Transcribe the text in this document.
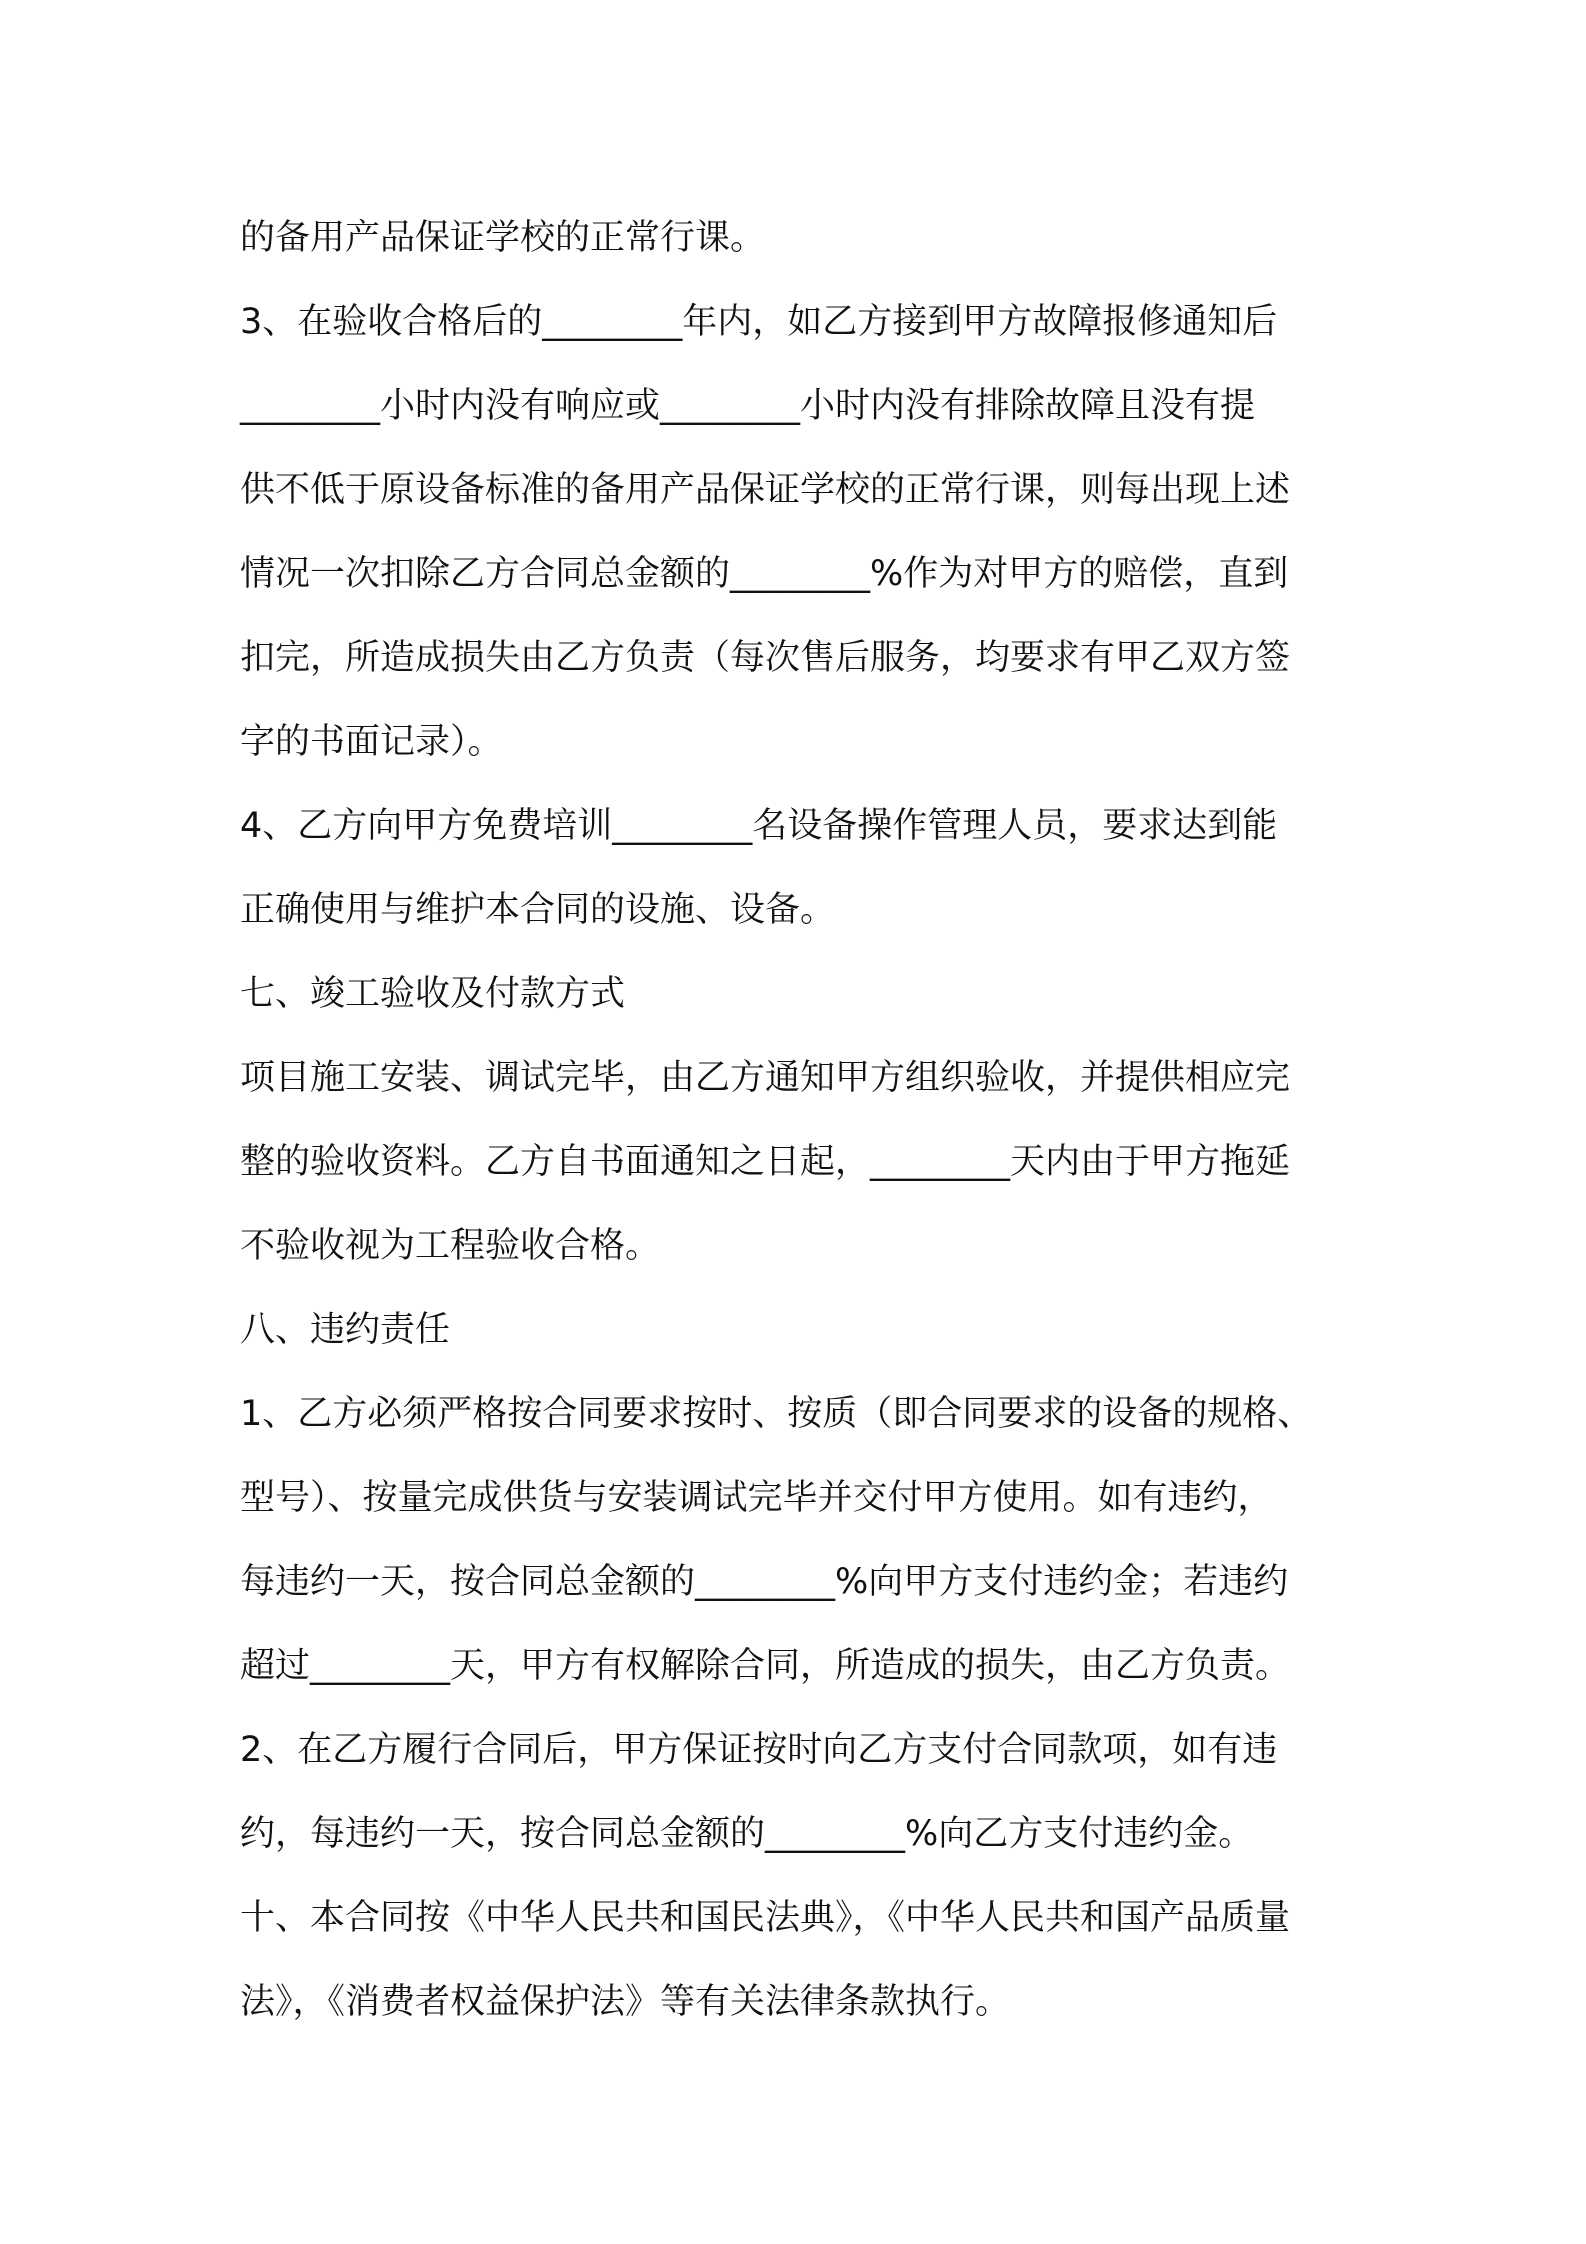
的备用产品保证学校的正常行课。
3、在验收合格后的________年内，如乙方接到甲方故障报修通知后
________小时内没有响应或________小时内没有排除故障且没有提
供不低于原设备标准的备用产品保证学校的正常行课，则每出现上述
情况一次扣除乙方合同总金额的________%作为对甲方的赔偿，直到
扣完，所造成损失由乙方负责（每次售后服务，均要求有甲乙双方签
字的书面记录）。
4、乙方向甲方免费培训________名设备操作管理人员，要求达到能
正确使用与维护本合同的设施、设备。
七、竣工验收及付款方式
项目施工安装、调试完毕，由乙方通知甲方组织验收，并提供相应完
整的验收资料。乙方自书面通知之日起，________天内由于甲方拖延
不验收视为工程验收合格。
八、违约责任
1、乙方必须严格按合同要求按时、按质（即合同要求的设备的规格、
型号）、按量完成供货与安装调试完毕并交付甲方使用。如有违约，
每违约一天，按合同总金额的________%向甲方支付违约金；若违约
超过________天，甲方有权解除合同，所造成的损失，由乙方负责。
2、在乙方履行合同后，甲方保证按时向乙方支付合同款项，如有违
约，每违约一天，按合同总金额的________%向乙方支付违约金。
十、本合同按《中华人民共和国民法典》，《中华人民共和国产品质量
法》，《消费者权益保护法》等有关法律条款执行。
